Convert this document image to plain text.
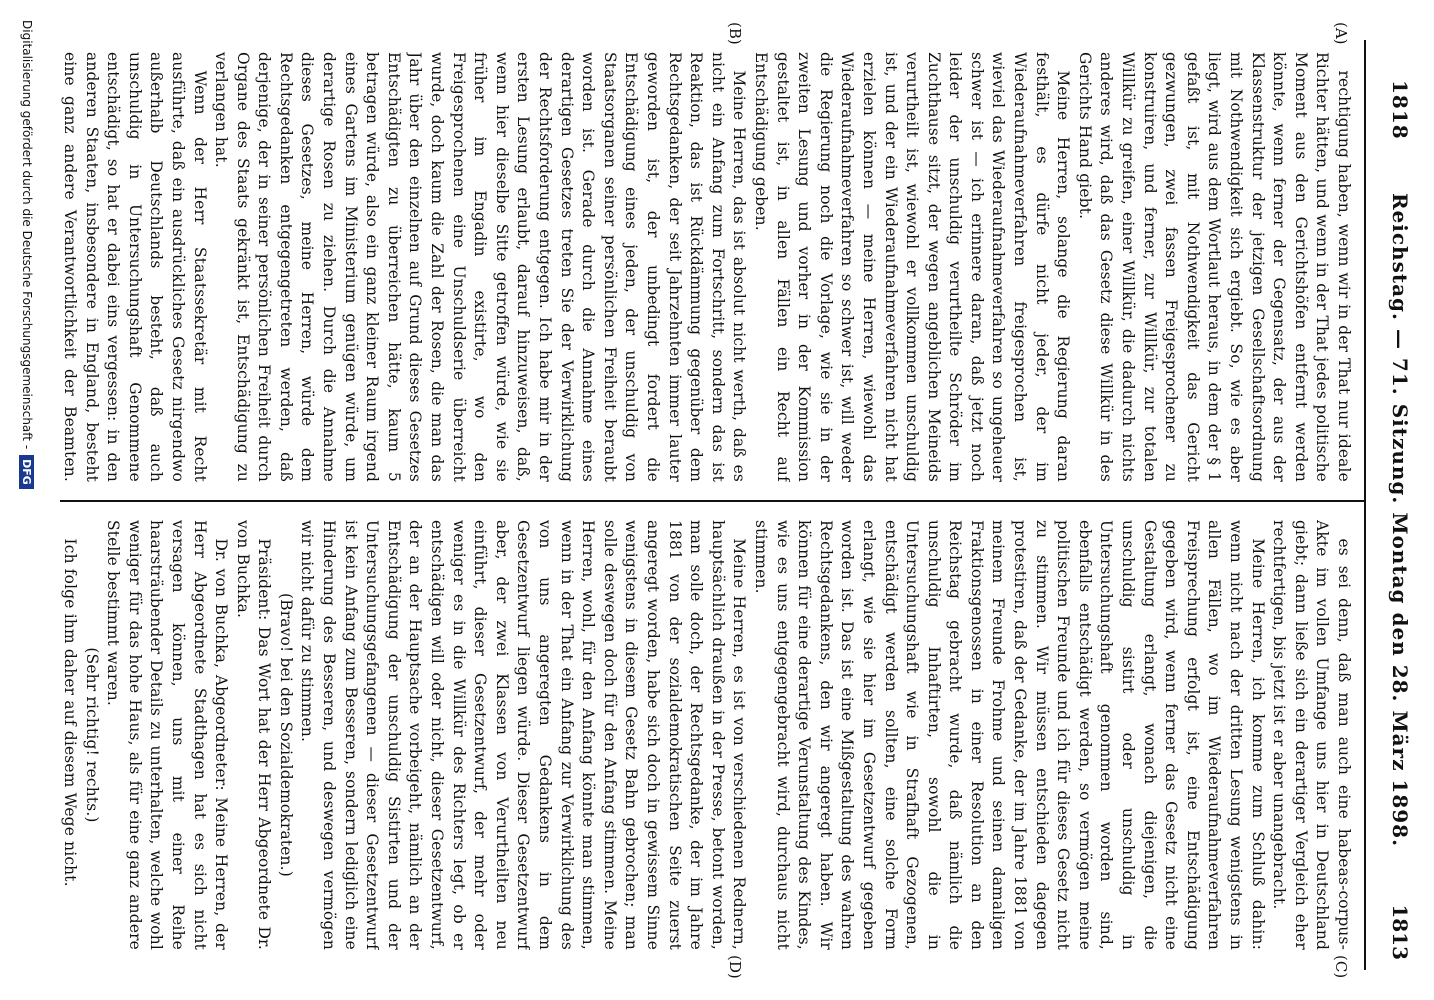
1818
Reichstag. — 71. Sitzung. Montag den 28. März 1898.
1813
(A)
(B)
(C)
(D)

rechtigung haben, wenn wir in der That nur ideale Richter hätten, und wenn in der That jedes politische Moment aus den Gerichtshöfen entfernt werden könnte, wenn ferner der Gegensatz, der aus der Klassenstruktur der jetzigen Gesellschaftsordnung mit Nothwendigkeit sich ergiebt. So, wie es aber liegt, wird aus dem Wortlaut heraus, in dem der § 1 gefaßt ist, mit Nothwendigkeit das Gericht gezwungen, zwei fassen Freigesprochener zu konstruiren, und ferner, zur Willkür, zur totalen Willkür zu greifen, einer Willkür, die dadurch nichts anderes wird, daß das Gesetz diese Willkür in des Gerichts Hand giebt.

Meine Herren, solange die Regierung daran festhält, es dürfe nicht jeder, der im Wiederaufnahmeverfahren freigesprochen ist, wieviel das Wiederaufnahmeverfahren so ungeheuer schwer ist — ich erinnere daran, daß jetzt noch leider der unschuldig verurtheilte Schröder im Zuchthause sitzt, der wegen angeblichen Meineids verurtheilt ist, wiewohl er vollkommen unschuldig ist, und der ein Wiederaufnahmeverfahren nicht hat erzielen können — meine Herren, wiewohl das Wiederaufnahmeverfahren so schwer ist, will weder die Regierung noch die Vorlage, wie sie in der zweiten Lesung und vorher in der Kommission gestaltet ist, in allen Fällen ein Recht auf Entschädigung geben.

Meine Herren, das ist absolut nicht werth, daß es nicht ein Anfang zum Fortschritt, sondern das ist Reaktion, das ist Rückdämmung gegenüber dem Rechtsgedanken, der seit Jahrzehnten immer lauter geworden ist, der unbedingt fordert die Entschädigung eines jeden, der unschuldig von Staatsorganen seiner persönlichen Freiheit beraubt worden ist. Gerade durch die Annahme eines derartigen Gesetzes treten Sie der Verwirklichung der Rechtsforderung entgegen. Ich habe mir in der ersten Lesung erlaubt, darauf hinzuweisen, daß, wenn hier dieselbe Sitte getroffen würde, wie sie früher im Engadin existirte, wo den Freigesprochenen eine Unschuldserie überreicht wurde, doch kaum die Zahl der Rosen, die man das Jahr über den einzelnen auf Grund dieses Gesetzes Entschädigten zu überreichen hätte, kaum 5 betragen würde, also ein ganz kleiner Raum irgend eines Gartens im Ministerium genügen würde, um derartige Rosen zu ziehen. Durch die Annahme dieses Gesetzes, meine Herren, würde dem Rechtsgedanken entgegengetreten werden, daß derjenige, der in seiner persönlichen Freiheit durch Organe des Staats gekränkt ist, Entschädigung zu verlangen hat.

Wenn der Herr Staatssekretär mit Recht ausführte, daß ein ausdrückliches Gesetz nirgendwo außerhalb Deutschlands besteht, daß auch unschuldig in Untersuchungshaft Genommene entschädigt, so hat er dabei eins vergessen: in den anderen Staaten, insbesondere in England, besteht eine ganz andere Verantwortlichkeit der Beamten.

es sei denn, daß man auch eine habeas-corpus-Akte im vollen Umfange uns hier in Deutschland giebt; dann ließe sich ein derartiger Vergleich eher rechtfertigen, bis jetzt ist er aber unangebracht.

Meine Herren, ich komme zum Schluß dahin: wenn nicht nach der dritten Lesung wenigstens in allen Fällen, wo im Wiederaufnahmeverfahren Freisprechung erfolgt ist, eine Entschädigung gegeben wird, wenn ferner das Gesetz nicht eine Gestaltung erlangt, wonach diejenigen, die unschuldig sistirt oder unschuldig in Untersuchungshaft genommen worden sind, ebenfalls entschädigt werden, so vermögen meine politischen Freunde und ich für dieses Gesetz nicht zu stimmen. Wir müssen entschieden dagegen protestiren, daß der Gedanke, der im Jahre 1881 von meinem Freunde Frohme und seinen damaligen Fraktionsgenossen in einer Resolution an den Reichstag gebracht wurde, daß nämlich die unschuldig Inhaftirten, sowohl die in Untersuchungshaft wie in Strafhaft Gezogenen, entschädigt werden sollten, eine solche Form erlangt, wie sie hier im Gesetzentwurf gegeben worden ist. Das ist eine Mißgestaltung des wahren Rechtsgedankens, den wir angeregt haben. Wir können für eine derartige Verunstaltung des Kindes, wie es uns entgegengebracht wird, durchaus nicht stimmen.

Meine Herren, es ist von verschiedenen Rednern, hauptsächlich draußen in der Presse, betont worden, man solle doch, der Rechtsgedanke, der im Jahre 1881 von der sozialdemokratischen Seite zuerst angeregt worden, habe sich doch in gewissem Sinne wenigstens in diesem Gesetz Bahn gebrochen; man solle deswegen doch für den Anfang stimmen. Meine Herren, wohl, für den Anfang könnte man stimmen, wenn in der That ein Anfang zur Verwirklichung des von uns angeregten Gedankens in dem Gesetzentwurf liegen würde. Dieser Gesetzentwurf aber, der zwei Klassen von Verurtheilten neu einführt, dieser Gesetzentwurf, der mehr oder weniger es in die Willkür des Richters legt, ob er entschädigen will oder nicht, dieser Gesetzentwurf, der an der Hauptsache vorbeigeht, nämlich an der Entschädigung der unschuldig Sistirten und der Untersuchungsgefangenen — dieser Gesetzentwurf ist kein Anfang zum Besseren, sondern lediglich eine Hinderung des Besseren, und deswegen vermögen wir nicht dafür zu stimmen.

(Bravo! bei den Sozialdemokraten.)

Präsident: Das Wort hat der Herr Abgeordnete Dr. von Buchka.

Dr. von Buchka, Abgeordneter: Meine Herren, der Herr Abgeordnete Stadthagen hat es sich nicht versagen können, uns mit einer Reihe haarsträubender Details zu unterhalten, welche wohl weniger für das hohe Haus, als für eine ganz andere Stelle bestimmt waren.

(Sehr richtig! rechts.)

Ich folge ihm daher auf diesem Wege nicht.

Digitalisierung gefördert durch die Deutsche Forschungsgemeinschaft -DFG
